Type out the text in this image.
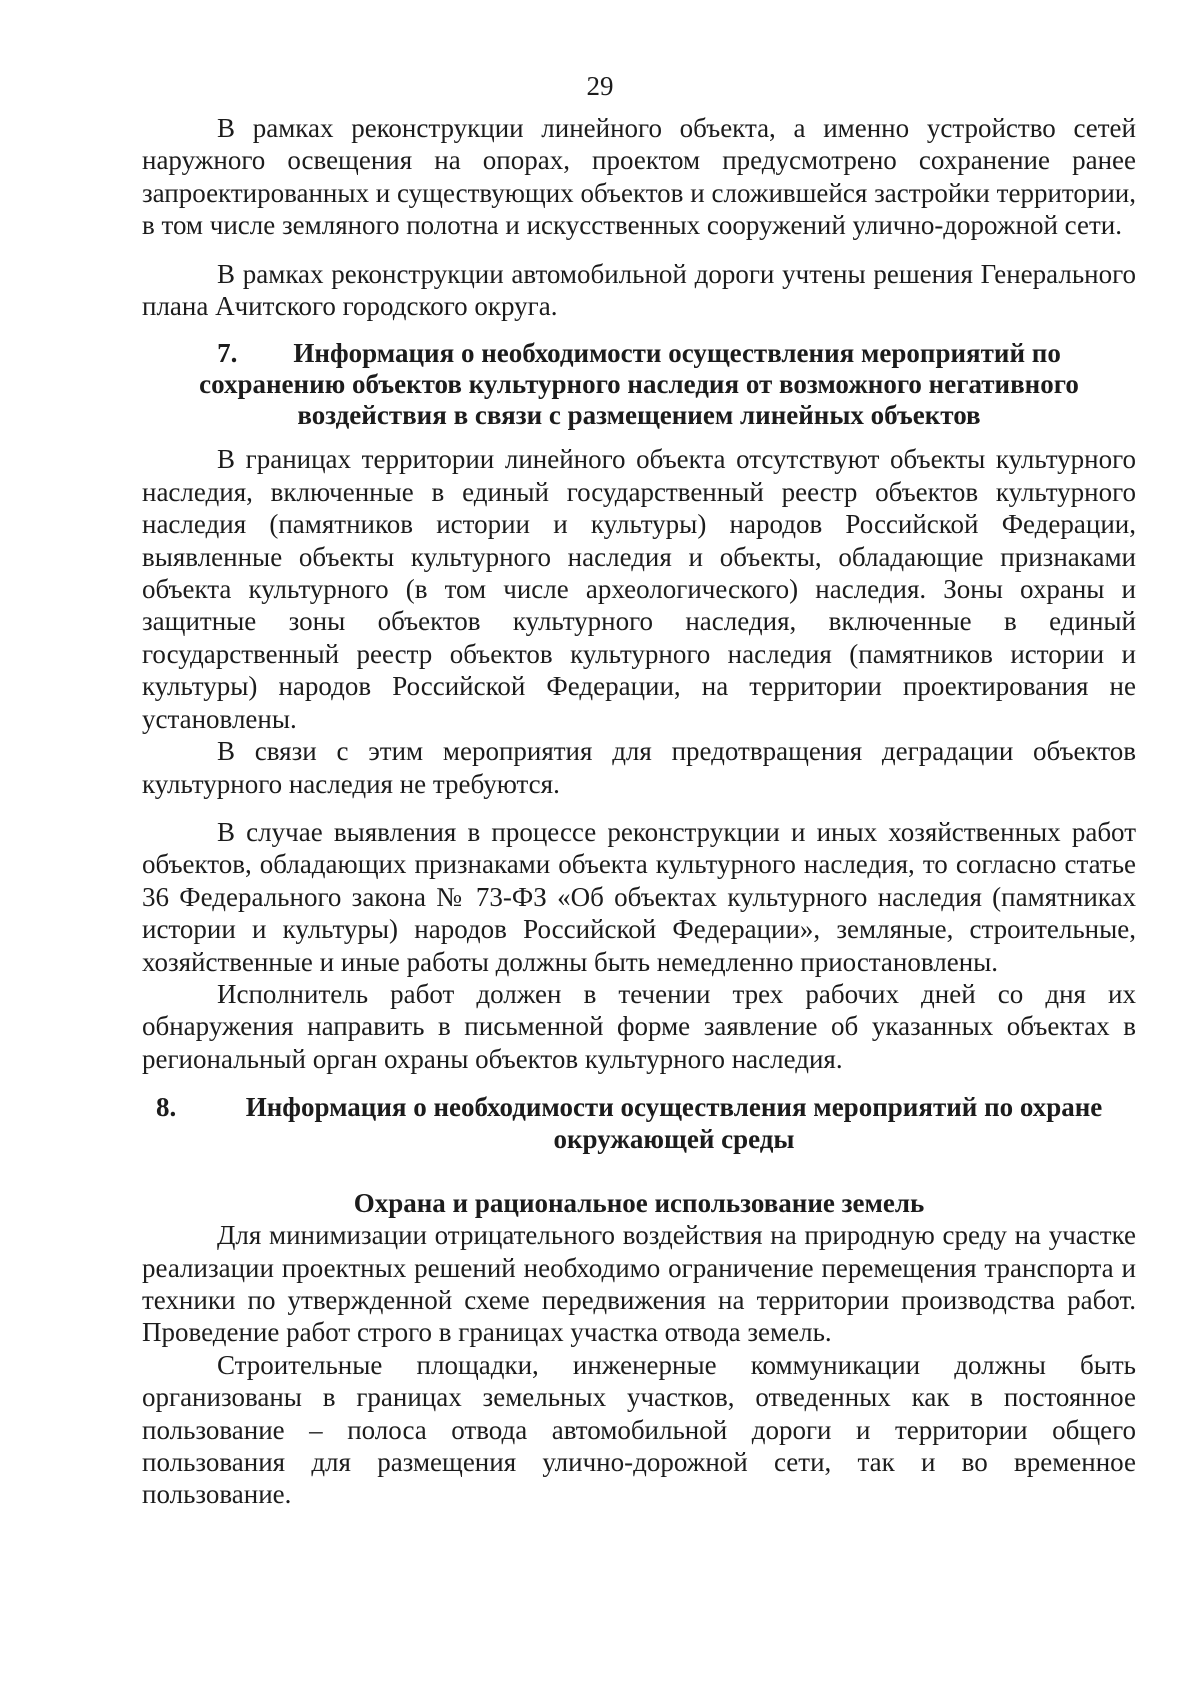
29

В рамках реконструкции линейного объекта, а именно устройство сетей наружного освещения на опорах, проектом предусмотрено сохранение ранее запроектированных и существующих объектов и сложившейся застройки территории, в том числе земляного полотна и искусственных сооружений улично-дорожной сети.

В рамках реконструкции автомобильной дороги учтены решения Генерального плана Ачитского городского округа.

7. Информация о необходимости осуществления мероприятий по сохранению объектов культурного наследия от возможного негативного воздействия в связи с размещением линейных объектов

В границах территории линейного объекта отсутствуют объекты культурного наследия, включенные в единый государственный реестр объектов культурного наследия (памятников истории и культуры) народов Российской Федерации, выявленные объекты культурного наследия и объекты, обладающие признаками объекта культурного (в том числе археологического) наследия. Зоны охраны и защитные зоны объектов культурного наследия, включенные в единый государственный реестр объектов культурного наследия (памятников истории и культуры) народов Российской Федерации, на территории проектирования не установлены.

В связи с этим мероприятия для предотвращения деградации объектов культурного наследия не требуются.

В случае выявления в процессе реконструкции и иных хозяйственных работ объектов, обладающих признаками объекта культурного наследия, то согласно статье 36 Федерального закона № 73-ФЗ «Об объектах культурного наследия (памятниках истории и культуры) народов Российской Федерации», земляные, строительные, хозяйственные и иные работы должны быть немедленно приостановлены.

Исполнитель работ должен в течении трех рабочих дней со дня их обнаружения направить в письменной форме заявление об указанных объектах в региональный орган охраны объектов культурного наследия.

8.	Информация о необходимости осуществления мероприятий по охране окружающей среды
Охрана и рациональное использование земель

Для минимизации отрицательного воздействия на природную среду на участке реализации проектных решений необходимо ограничение перемещения транспорта и техники по утвержденной схеме передвижения на территории производства работ. Проведение работ строго в границах участка отвода земель.

Строительные площадки, инженерные коммуникации должны быть организованы в границах земельных участков, отведенных как в постоянное пользование – полоса отвода автомобильной дороги и территории общего пользования для размещения улично-дорожной сети, так и во временное пользование.
